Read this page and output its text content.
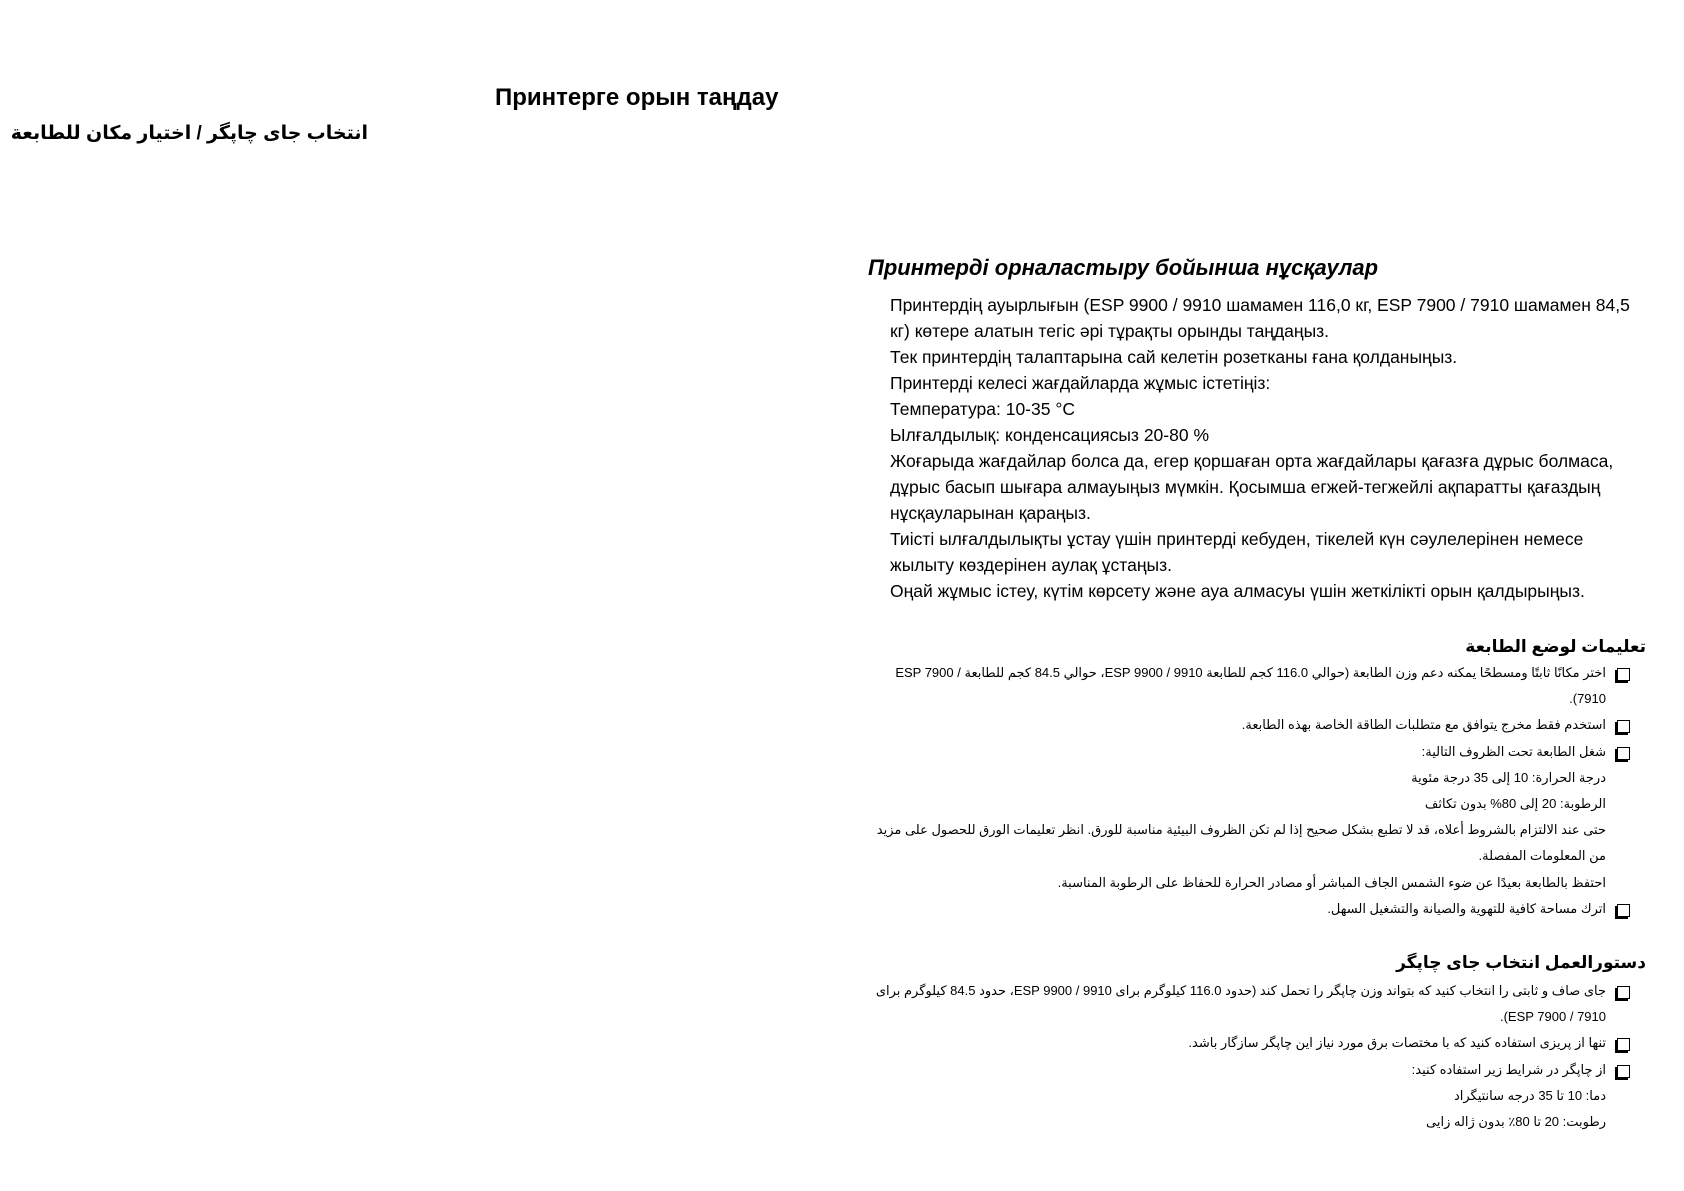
Принтерге орын таңдау
انتخاب جای چاپگر / اختيار مكان للطابعة
Принтерді орналастыру бойынша нұсқаулар

Принтердің ауырлығын (ESP 9900 / 9910 шамамен 116,0 кг, ESP 7900 / 7910 шамамен 84,5 кг) көтере алатын тегіс әрі тұрақты орынды таңдаңыз.

Тек принтердің талаптарына сай келетін розетканы ғана қолданыңыз.

Принтерді келесі жағдайларда жұмыс істетіңіз:

Температура: 10-35 °C

Ылғалдылық: конденсациясыз 20-80 %

Жоғарыда жағдайлар болса да, егер қоршаған орта жағдайлары қағазға дұрыс болмаса, дұрыс басып шығара алмауыңыз мүмкін. Қосымша егжей-тегжейлі ақпаратты қағаздың нұсқауларынан қараңыз.

Тиісті ылғалдылықты ұстау үшін принтерді кебуден, тікелей күн сәулелерінен немесе жылыту көздерінен аулақ ұстаңыз.

Оңай жұмыс істеу, күтім көрсету және ауа алмасуы үшін жеткілікті орын қалдырыңыз.

تعليمات لوضع الطابعة
اختر مكانًا ثابتًا ومسطحًا يمكنه دعم وزن الطابعة (حوالي 116.0 كجم للطابعة ESP 9900 / 9910، حوالي 84.5 كجم للطابعة ESP 7900 / 7910).
استخدم فقط مخرج يتوافق مع متطلبات الطاقة الخاصة بهذه الطابعة.
شغل الطابعة تحت الظروف التالية:
درجة الحرارة: 10 إلى 35 درجة مئوية
الرطوبة: 20 إلى 80% بدون تكاثف
حتى عند الالتزام بالشروط أعلاه، قد لا تطبع بشكل صحيح إذا لم تكن الظروف البيئية مناسبة للورق. انظر تعليمات الورق للحصول على مزيد من المعلومات المفصلة.
احتفظ بالطابعة بعيدًا عن ضوء الشمس الجاف المباشر أو مصادر الحرارة للحفاظ على الرطوبة المناسبة.
اترك مساحة كافية للتهوية والصيانة والتشغيل السهل.
دستورالعمل انتخاب جای چاپگر
جای صاف و ثابتی را انتخاب کنید که بتواند وزن چاپگر را تحمل کند (حدود 116.0 کیلوگرم برای ESP 9900 / 9910، حدود 84.5 کیلوگرم برای ESP 7900 / 7910).
تنها از پریزی استفاده کنید که با مختصات برق مورد نیاز این چاپگر سازگار باشد.
از چاپگر در شرایط زیر استفاده کنید:
دما: 10 تا 35 درجه سانتیگراد
رطوبت: 20 تا 80٪ بدون ژاله زایی
